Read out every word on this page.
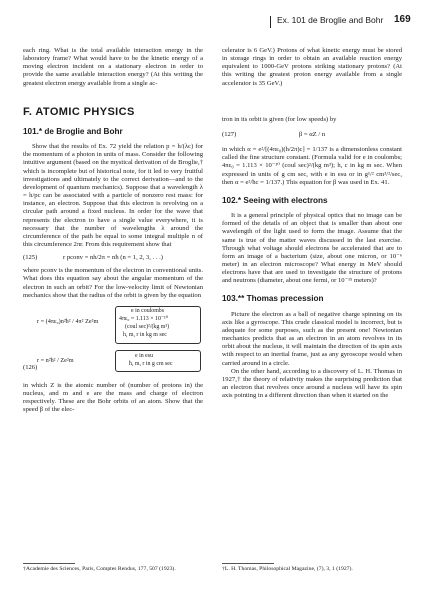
Ex. 101 de Broglie and Bohr 169

each ring. What is the total available interaction energy in the laboratory frame? What would have to be the kinetic energy of a moving electron incident on a stationary electron in order to provide the same available interaction energy? (At this writing the greatest electron energy available from a single ac-

F. ATOMIC PHYSICS
101.* de Broglie and Bohr

Show that the results of Ex. 72 yield the relation p = h/(λc) for the momentum of a photon in units of mass. Consider the following intuitive argument (based on the mystical derivation of de Broglie,† which is incomplete but of historical note, for it led to very fruitful investigations and ultimately to the correct derivation—and to the development of quantum mechanics). Suppose that a wavelength λ = h/pc can be associated with a particle of nonzero rest mass: for instance, an electron. Suppose that this electron is revolving on a circular path around a fixed nucleus. In order for the wave that represents the electron to have a single value everywhere, it is necessary that the number of wavelengths λ around the circumference of the path be equal to some integral multiple n of this circumference 2πr. From this requirement show that

(125)	r pconv = nh/2π = nħ (n = 1, 2, 3, . . .)

where pconv is the momentum of the electron in conventional units. What does this equation say about the angular momentum of the electron in such an orbit? For the low-velocity limit of Newtonian mechanics show that the radius of the orbit is given by the equation

(126)
r = (4πε₀)n²ħ² / 4π² Ze²m
e in coulombs
4πε₀ = 1.113 × 10⁻¹⁰
(coul sec)²/(kg m³)
h, m, r in kg m sec
r = n²ħ² / Ze²m
e in esu
ħ, m, r in g cm sec

in which Z is the atomic number of (number of protons in) the nucleus, and m and e are the mass and charge of electron respectively. These are the Bohr orbits of an atom. Show that the speed β of the elec-

†Academie des Sciences, Paris, Comptes Rendus, 177, 507 (1923).

celerator is 6 GeV.) Protons of what kinetic energy must be stored in storage rings in order to obtain an available reaction energy equivalent to 1000-GeV protons striking stationary protons? (At this writing the greatest proton energy available from a single accelerator is 35 GeV.)

tron in its orbit is given (for low speeds) by

(127)	β = αZ / n

in which α = e²/[(4πε₀)(h/2π)c] = 1/137 is a dimensionless constant called the fine structure constant. (Formula valid for e in coulombs; 4πε₀ = 1.113 × 10⁻¹⁰ (coul sec)²/(kg m³); h, c in kg m sec. When expressed in units of g cm sec, with e in esu or in g¹/² cm³/²/sec, then α = e²/ħc = 1/137.) This equation for β was used in Ex. 41.

102.* Seeing with electrons

It is a general principle of physical optics that no image can be formed of the details of an object that is smaller than about one wavelength of the light used to form the image. Assume that the same is true of the matter waves discussed in the last exercise. Through what voltage should electrons be accelerated that are to form an image of a bacterium (size, about one micron, or 10⁻⁶ meter) in an electron microscope? What energy in MeV should electrons have that are used to investigate the structure of protons and neutrons (diameter, about one fermi, or 10⁻¹⁵ meters)?

103.** Thomas precession

Picture the electron as a ball of negative charge spinning on its axis like a gyroscope. This crude classical model is incorrect, but is adequate for some purposes, such as the present one! Newtonian mechanics predicts that as an electron in an atom revolves in its orbit about the nucleus, it will maintain the direction of its spin axis with respect to an inertial frame, just as any gyroscope would when carried around in a circle.

On the other hand, according to a discovery of L. H. Thomas in 1927,† the theory of relativity makes the surprising prediction that an electron that revolves once around a nucleus will have its spin axis pointing in a different direction than when it started on the

†L. H. Thomas, Philosophical Magazine, (7), 3, 1 (1927).
